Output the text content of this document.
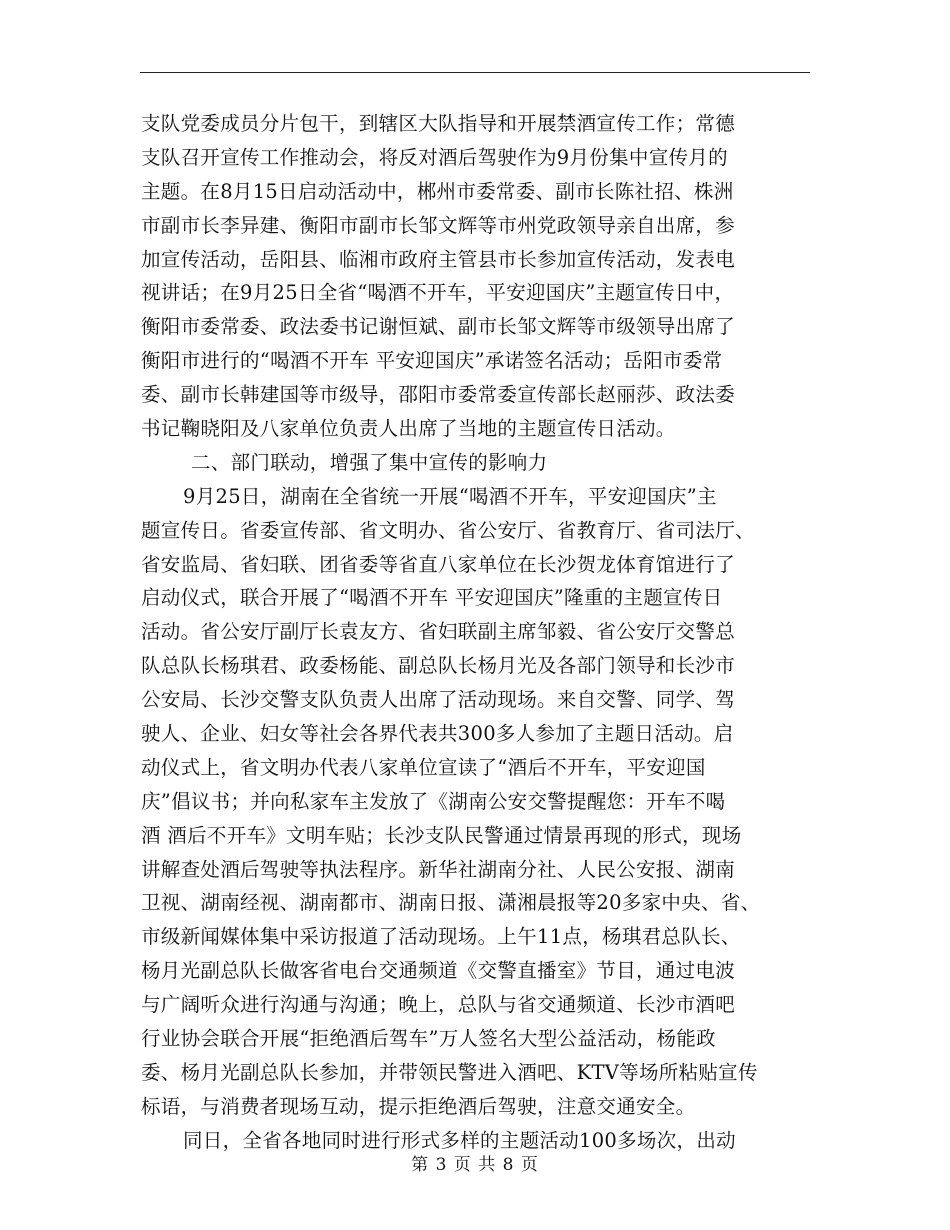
支队党委成员分片包干，到辖区大队指导和开展禁酒宣传工作；常德
支队召开宣传工作推动会，将反对酒后驾驶作为9月份集中宣传月的
主题。在8月15日启动活动中，郴州市委常委、副市长陈社招、株洲
市副市长李异建、衡阳市副市长邹文辉等市州党政领导亲自出席，参
加宣传活动，岳阳县、临湘市政府主管县市长参加宣传活动，发表电
视讲话；在9月25日全省“喝酒不开车，平安迎国庆”主题宣传日中，
衡阳市委常委、政法委书记谢恒斌、副市长邹文辉等市级领导出席了
衡阳市进行的“喝酒不开车 平安迎国庆”承诺签名活动；岳阳市委常
委、副市长韩建国等市级导，邵阳市委常委宣传部长赵丽莎、政法委
书记鞠晓阳及八家单位负责人出席了当地的主题宣传日活动。
二、部门联动，增强了集中宣传的影响力
9月25日，湖南在全省统一开展“喝酒不开车，平安迎国庆”主
题宣传日。省委宣传部、省文明办、省公安厅、省教育厅、省司法厅、
省安监局、省妇联、团省委等省直八家单位在长沙贺龙体育馆进行了
启动仪式，联合开展了“喝酒不开车 平安迎国庆”隆重的主题宣传日
活动。省公安厅副厅长袁友方、省妇联副主席邹毅、省公安厅交警总
队总队长杨琪君、政委杨能、副总队长杨月光及各部门领导和长沙市
公安局、长沙交警支队负责人出席了活动现场。来自交警、同学、驾
驶人、企业、妇女等社会各界代表共300多人参加了主题日活动。启
动仪式上，省文明办代表八家单位宣读了“酒后不开车，平安迎国
庆”倡议书；并向私家车主发放了《湖南公安交警提醒您：开车不喝
酒 酒后不开车》文明车贴；长沙支队民警通过情景再现的形式，现场
讲解查处酒后驾驶等执法程序。新华社湖南分社、人民公安报、湖南
卫视、湖南经视、湖南都市、湖南日报、潇湘晨报等20多家中央、省、
市级新闻媒体集中采访报道了活动现场。上午11点，杨琪君总队长、
杨月光副总队长做客省电台交通频道《交警直播室》节目，通过电波
与广阔听众进行沟通与沟通；晚上，总队与省交通频道、长沙市酒吧
行业协会联合开展“拒绝酒后驾车”万人签名大型公益活动，杨能政
委、杨月光副总队长参加，并带领民警进入酒吧、KTV等场所粘贴宣传
标语，与消费者现场互动，提示拒绝酒后驾驶，注意交通安全。
同日，全省各地同时进行形式多样的主题活动100多场次，出动
第 3 页 共 8 页
